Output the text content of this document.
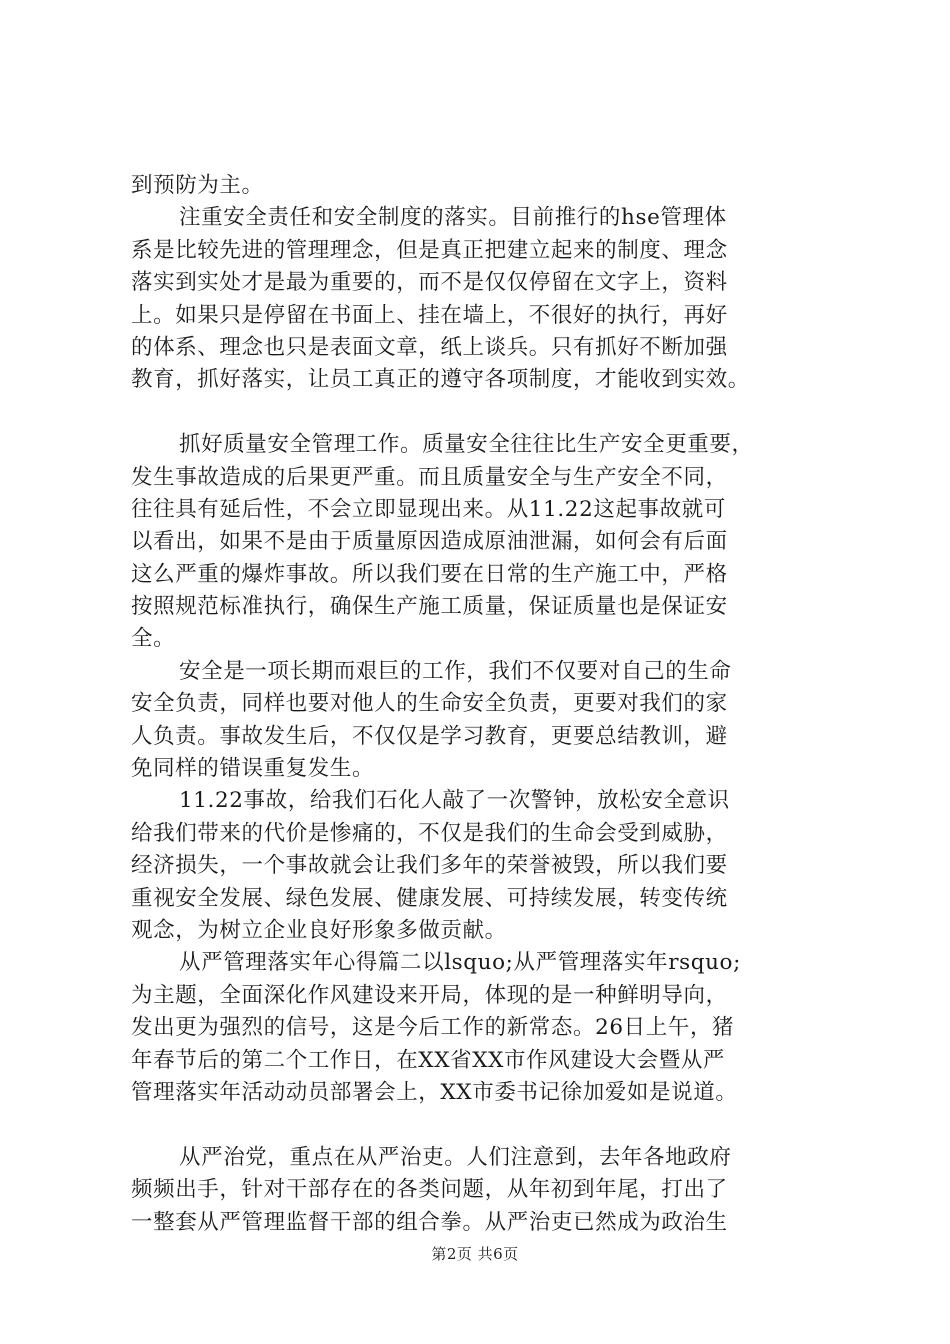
到预防为主。
注重安全责任和安全制度的落实。目前推行的hse管理体
系是比较先进的管理理念，但是真正把建立起来的制度、理念
落实到实处才是最为重要的，而不是仅仅停留在文字上，资料
上。如果只是停留在书面上、挂在墙上，不很好的执行，再好
的体系、理念也只是表面文章，纸上谈兵。只有抓好不断加强
教育，抓好落实，让员工真正的遵守各项制度，才能收到实效。
抓好质量安全管理工作。质量安全往往比生产安全更重要，
发生事故造成的后果更严重。而且质量安全与生产安全不同，
往往具有延后性，不会立即显现出来。从11.22这起事故就可
以看出，如果不是由于质量原因造成原油泄漏，如何会有后面
这么严重的爆炸事故。所以我们要在日常的生产施工中，严格
按照规范标准执行，确保生产施工质量，保证质量也是保证安
全。
安全是一项长期而艰巨的工作，我们不仅要对自己的生命
安全负责，同样也要对他人的生命安全负责，更要对我们的家
人负责。事故发生后，不仅仅是学习教育，更要总结教训，避
免同样的错误重复发生。
11.22事故，给我们石化人敲了一次警钟，放松安全意识
给我们带来的代价是惨痛的，不仅是我们的生命会受到威胁，
经济损失，一个事故就会让我们多年的荣誉被毁，所以我们要
重视安全发展、绿色发展、健康发展、可持续发展，转变传统
观念，为树立企业良好形象多做贡献。
从严管理落实年心得篇二以lsquo;从严管理落实年rsquo;
为主题，全面深化作风建设来开局，体现的是一种鲜明导向，
发出更为强烈的信号，这是今后工作的新常态。26日上午，猪
年春节后的第二个工作日，在XX省XX市作风建设大会暨从严
管理落实年活动动员部署会上，XX市委书记徐加爱如是说道。
从严治党，重点在从严治吏。人们注意到，去年各地政府
频频出手，针对干部存在的各类问题，从年初到年尾，打出了
一整套从严管理监督干部的组合拳。从严治吏已然成为政治生
第2页 共6页
